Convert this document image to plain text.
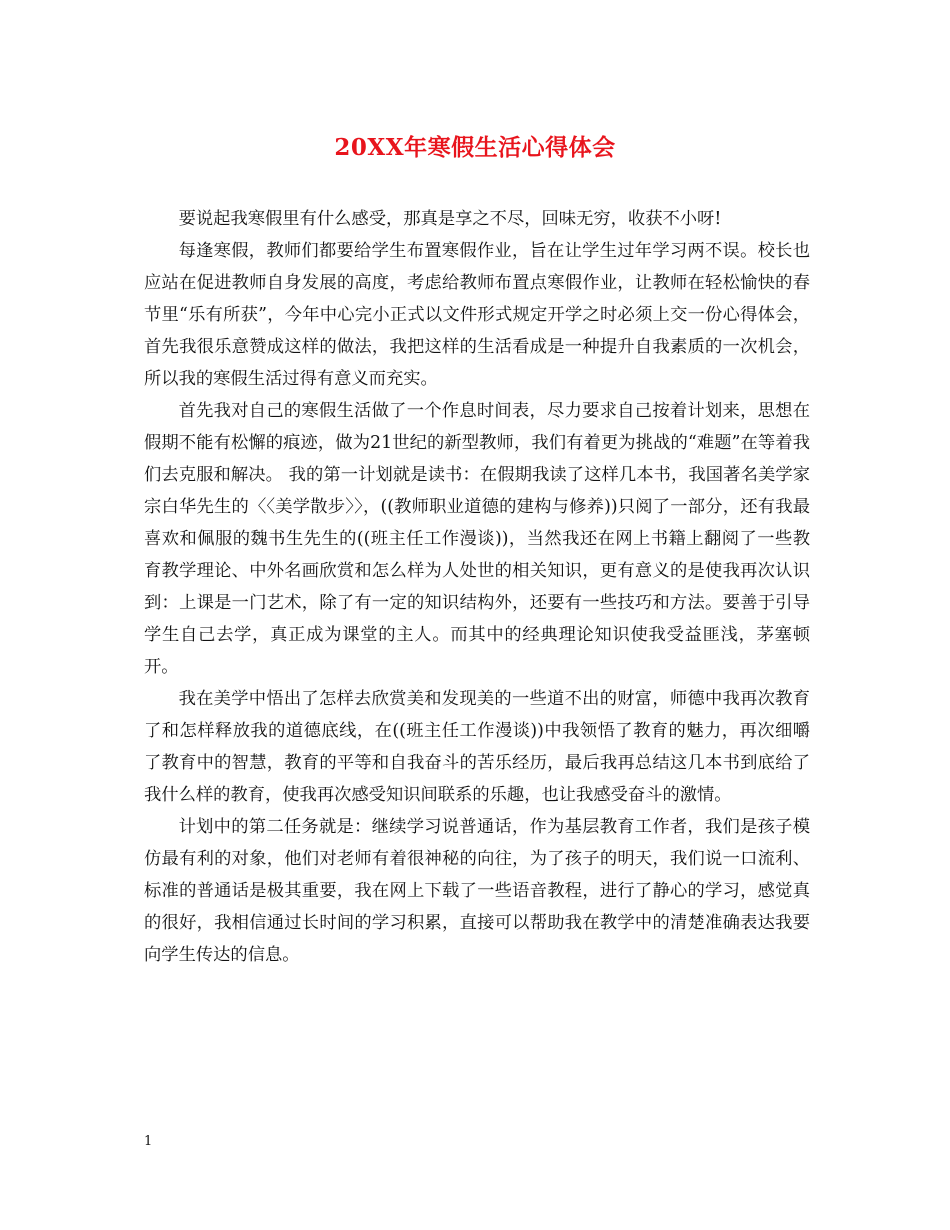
20XX年寒假生活心得体会

要说起我寒假里有什么感受，那真是享之不尽，回味无穷，收获不小呀!

每逢寒假，教师们都要给学生布置寒假作业，旨在让学生过年学习两不误。校长也应站在促进教师自身发展的高度，考虑给教师布置点寒假作业，让教师在轻松愉快的春节里“乐有所获”，今年中心完小正式以文件形式规定开学之时必须上交一份心得体会，首先我很乐意赞成这样的做法，我把这样的生活看成是一种提升自我素质的一次机会，所以我的寒假生活过得有意义而充实。

首先我对自己的寒假生活做了一个作息时间表，尽力要求自己按着计划来，思想在假期不能有松懈的痕迹，做为21世纪的新型教师，我们有着更为挑战的“难题”在等着我们去克服和解决。 我的第一计划就是读书：在假期我读了这样几本书，我国著名美学家宗白华先生的〈〈美学散步〉〉，((教师职业道德的建构与修养))只阅了一部分，还有我最喜欢和佩服的魏书生先生的((班主任工作漫谈))，当然我还在网上书籍上翻阅了一些教育教学理论、中外名画欣赏和怎么样为人处世的相关知识，更有意义的是使我再次认识到：上课是一门艺术，除了有一定的知识结构外，还要有一些技巧和方法。要善于引导学生自己去学，真正成为课堂的主人。而其中的经典理论知识使我受益匪浅，茅塞顿开。

我在美学中悟出了怎样去欣赏美和发现美的一些道不出的财富，师德中我再次教育了和怎样释放我的道德底线，在((班主任工作漫谈))中我领悟了教育的魅力，再次细嚼了教育中的智慧，教育的平等和自我奋斗的苦乐经历，最后我再总结这几本书到底给了我什么样的教育，使我再次感受知识间联系的乐趣，也让我感受奋斗的激情。

计划中的第二任务就是：继续学习说普通话，作为基层教育工作者，我们是孩子模仿最有利的对象，他们对老师有着很神秘的向往，为了孩子的明天，我们说一口流利、标准的普通话是极其重要，我在网上下载了一些语音教程，进行了静心的学习，感觉真的很好，我相信通过长时间的学习积累，直接可以帮助我在教学中的清楚准确表达我要向学生传达的信息。

1
